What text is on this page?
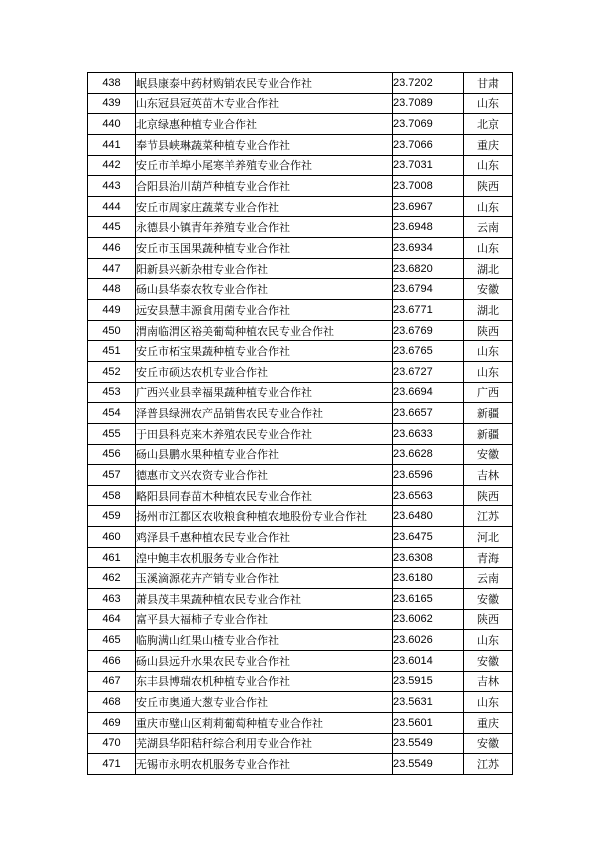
438	岷县康泰中药材购销农民专业合作社	23.7202	甘肃
439	山东冠县冠英苗木专业合作社	23.7089	山东
440	北京绿惠种植专业合作社	23.7069	北京
441	奉节县峡琳蔬菜种植专业合作社	23.7066	重庆
442	安丘市羊埠小尾寒羊养殖专业合作社	23.7031	山东
443	合阳县治川葫芦种植专业合作社	23.7008	陕西
444	安丘市周家庄蔬菜专业合作社	23.6967	山东
445	永德县小镇青年养殖专业合作社	23.6948	云南
446	安丘市玉国果蔬种植专业合作社	23.6934	山东
447	阳新县兴新杂柑专业合作社	23.6820	湖北
448	砀山县华泰农牧专业合作社	23.6794	安徽
449	远安县慧丰源食用菌专业合作社	23.6771	湖北
450	渭南临渭区裕美葡萄种植农民专业合作社	23.6769	陕西
451	安丘市柘宝果蔬种植专业合作社	23.6765	山东
452	安丘市硕达农机专业合作社	23.6727	山东
453	广西兴业县幸福果蔬种植专业合作社	23.6694	广西
454	泽普县绿洲农产品销售农民专业合作社	23.6657	新疆
455	于田县科克来木养殖农民专业合作社	23.6633	新疆
456	砀山县鹏水果种植专业合作社	23.6628	安徽
457	德惠市文兴农资专业合作社	23.6596	吉林
458	略阳县同春苗木种植农民专业合作社	23.6563	陕西
459	扬州市江都区农收粮食种植农地股份专业合作社	23.6480	江苏
460	鸡泽县千惠种植农民专业合作社	23.6475	河北
461	湟中鲍丰农机服务专业合作社	23.6308	青海
462	玉溪滴源花卉产销专业合作社	23.6180	云南
463	萧县茂丰果蔬种植农民专业合作社	23.6165	安徽
464	富平县大福柿子专业合作社	23.6062	陕西
465	临朐满山红果山楂专业合作社	23.6026	山东
466	砀山县远升水果农民专业合作社	23.6014	安徽
467	东丰县博瑞农机种植专业合作社	23.5915	吉林
468	安丘市奥通大葱专业合作社	23.5631	山东
469	重庆市璧山区莉莉葡萄种植专业合作社	23.5601	重庆
470	芜湖县华阳秸秆综合利用专业合作社	23.5549	安徽
471	无锡市永明农机服务专业合作社	23.5549	江苏
